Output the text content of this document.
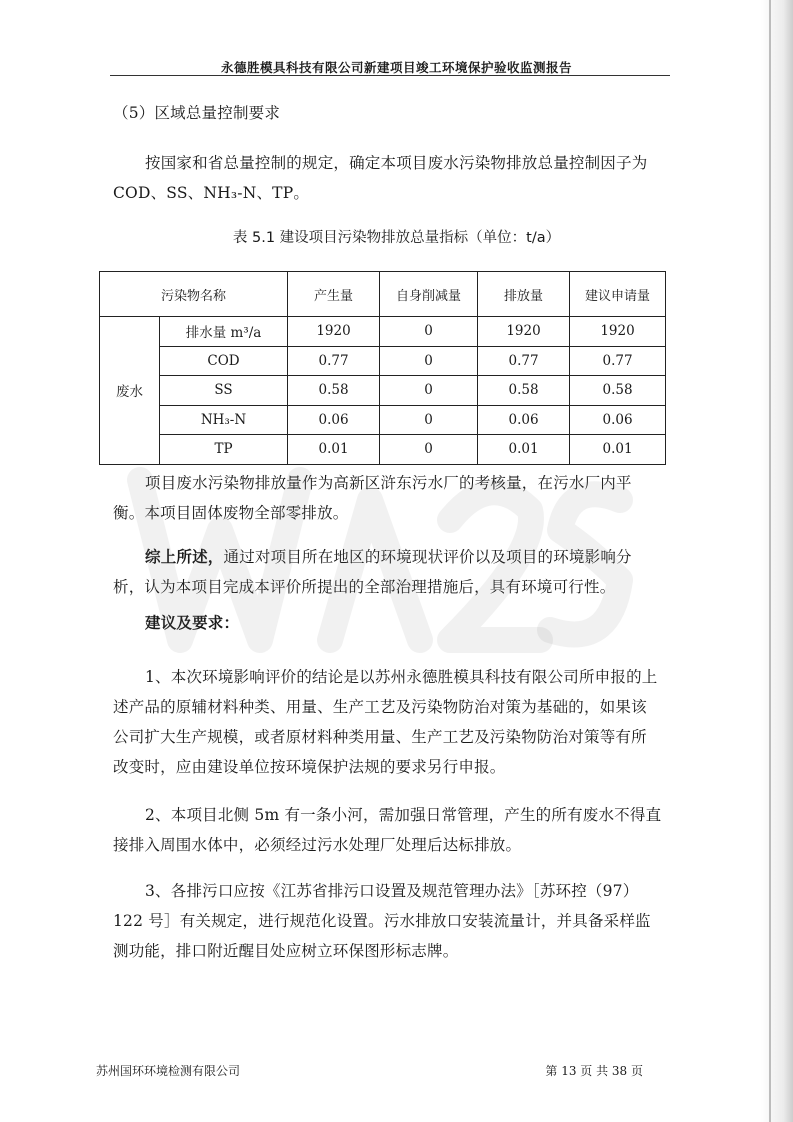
永德胜模具科技有限公司新建项目竣工环境保护验收监测报告
（5）区域总量控制要求
按国家和省总量控制的规定，确定本项目废水污染物排放总量控制因子为
COD、SS、NH₃-N、TP。
表 5.1 建设项目污染物排放总量指标（单位：t/a）
污染物名称		产生量	自身削减量	排放量	建议申请量
废水	排水量 m³/a	1920	0	1920	1920
	COD	0.77	0	0.77	0.77
	SS	0.58	0	0.58	0.58
	NH₃-N	0.06	0	0.06	0.06
	TP	0.01	0	0.01	0.01
项目废水污染物排放量作为高新区浒东污水厂的考核量，在污水厂内平
衡。本项目固体废物全部零排放。
综上所述，通过对项目所在地区的环境现状评价以及项目的环境影响分
析，认为本项目完成本评价所提出的全部治理措施后，具有环境可行性。
建议及要求：
1、本次环境影响评价的结论是以苏州永德胜模具科技有限公司所申报的上
述产品的原辅材料种类、用量、生产工艺及污染物防治对策为基础的，如果该
公司扩大生产规模，或者原材料种类用量、生产工艺及污染物防治对策等有所
改变时，应由建设单位按环境保护法规的要求另行申报。
2、本项目北侧 5m 有一条小河，需加强日常管理，产生的所有废水不得直
接排入周围水体中，必须经过污水处理厂处理后达标排放。
3、各排污口应按《江苏省排污口设置及规范管理办法》［苏环控（97）
122 号］有关规定，进行规范化设置。污水排放口安装流量计，并具备采样监
测功能，排口附近醒目处应树立环保图形标志牌。
苏州国环环境检测有限公司	第 13 页 共 38 页
